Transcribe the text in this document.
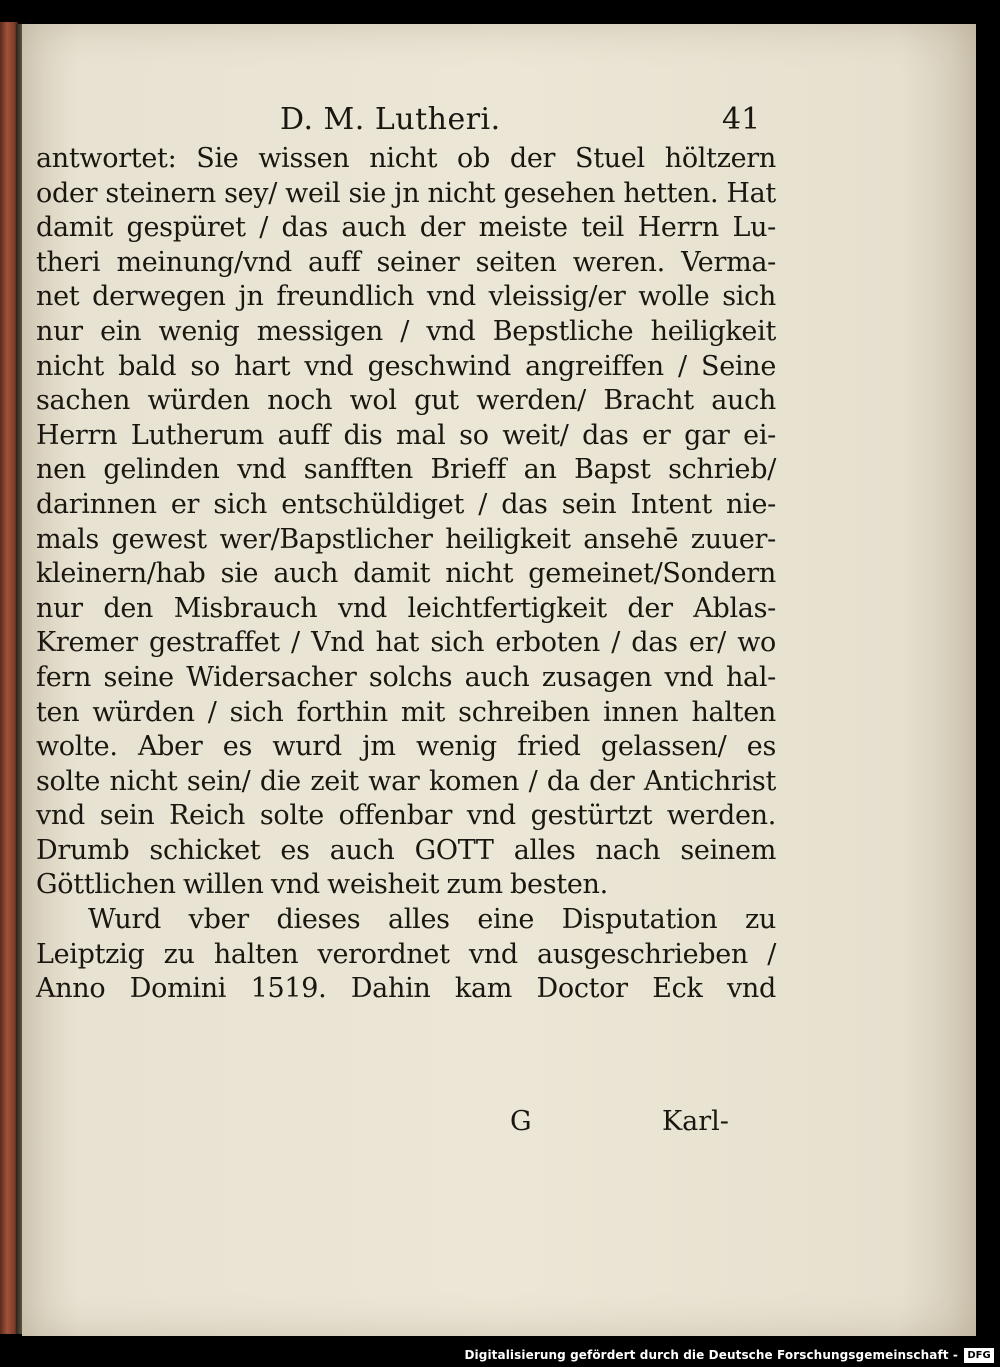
D. M. Lutheri.	41
antwortet: Sie wissen nicht ob der Stuel höltzern
oder steinern sey/ weil sie jn nicht gesehen hetten. Hat
damit gespüret / das auch der meiste teil Herrn Lu-
theri meinung/vnd auff seiner seiten weren. Verma-
net derwegen jn freundlich vnd vleissig/er wolle sich
nur ein wenig messigen / vnd Bepstliche heiligkeit
nicht bald so hart vnd geschwind angreiffen / Seine
sachen würden noch wol gut werden/ Bracht auch
Herrn Lutherum auff dis mal so weit/ das er gar ei-
nen gelinden vnd sanfften Brieff an Bapst schrieb/
darinnen er sich entschüldiget / das sein Intent nie-
mals gewest wer/Bapstlicher heiligkeit ansehē zuuer-
kleinern/hab sie auch damit nicht gemeinet/Sondern
nur den Misbrauch vnd leichtfertigkeit der Ablas-
Kremer gestraffet / Vnd hat sich erboten / das er/ wo
fern seine Widersacher solchs auch zusagen vnd hal-
ten würden / sich forthin mit schreiben innen halten
wolte. Aber es wurd jm wenig fried gelassen/ es
solte nicht sein/ die zeit war komen / da der Antichrist
vnd sein Reich solte offenbar vnd gestürtzt werden.
Drumb schicket es auch GOTT alles nach seinem
Göttlichen willen vnd weisheit zum besten.
Wurd vber dieses alles eine Disputation zu
Leiptzig zu halten verordnet vnd ausgeschrieben /
Anno Domini 1519. Dahin kam Doctor Eck vnd
G	Karl-
Digitalisierung gefördert durch die Deutsche Forschungsgemeinschaft - DFG
